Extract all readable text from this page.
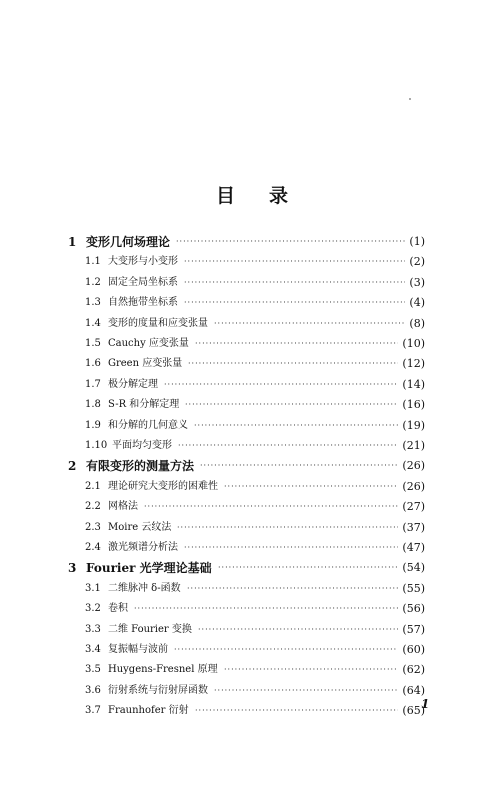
目 录
1 变形几何场理论 ·····	(1)
1.1 大变形与小变形 ·····	(2)
1.2 固定全局坐标系 ·····	(3)
1.3 自然拖带坐标系 ·····	(4)
1.4 变形的度量和应变张量 ·····	(8)
1.5 Cauchy 应变张量 ·····	(10)
1.6 Green 应变张量 ·····	(12)
1.7 极分解定理 ·····	(14)
1.8 S-R 和分解定理 ·····	(16)
1.9 和分解的几何意义 ·····	(19)
1.10 平面均匀变形 ·····	(21)
2 有限变形的测量方法 ·····	(26)
2.1 理论研究大变形的困难性 ·····	(26)
2.2 网格法 ·····	(27)
2.3 Moire 云纹法 ·····	(37)
2.4 激光频谱分析法 ·····	(47)
3 Fourier 光学理论基础 ·····	(54)
3.1 二维脉冲 δ-函数 ·····	(55)
3.2 卷积 ·····	(56)
3.3 二维 Fourier 变换 ·····	(57)
3.4 复振幅与波前 ·····	(60)
3.5 Huygens-Fresnel 原理 ·····	(62)
3.6 衍射系统与衍射屏函数 ·····	(64)
3.7 Fraunhofer 衍射 ·····	(65)
1
